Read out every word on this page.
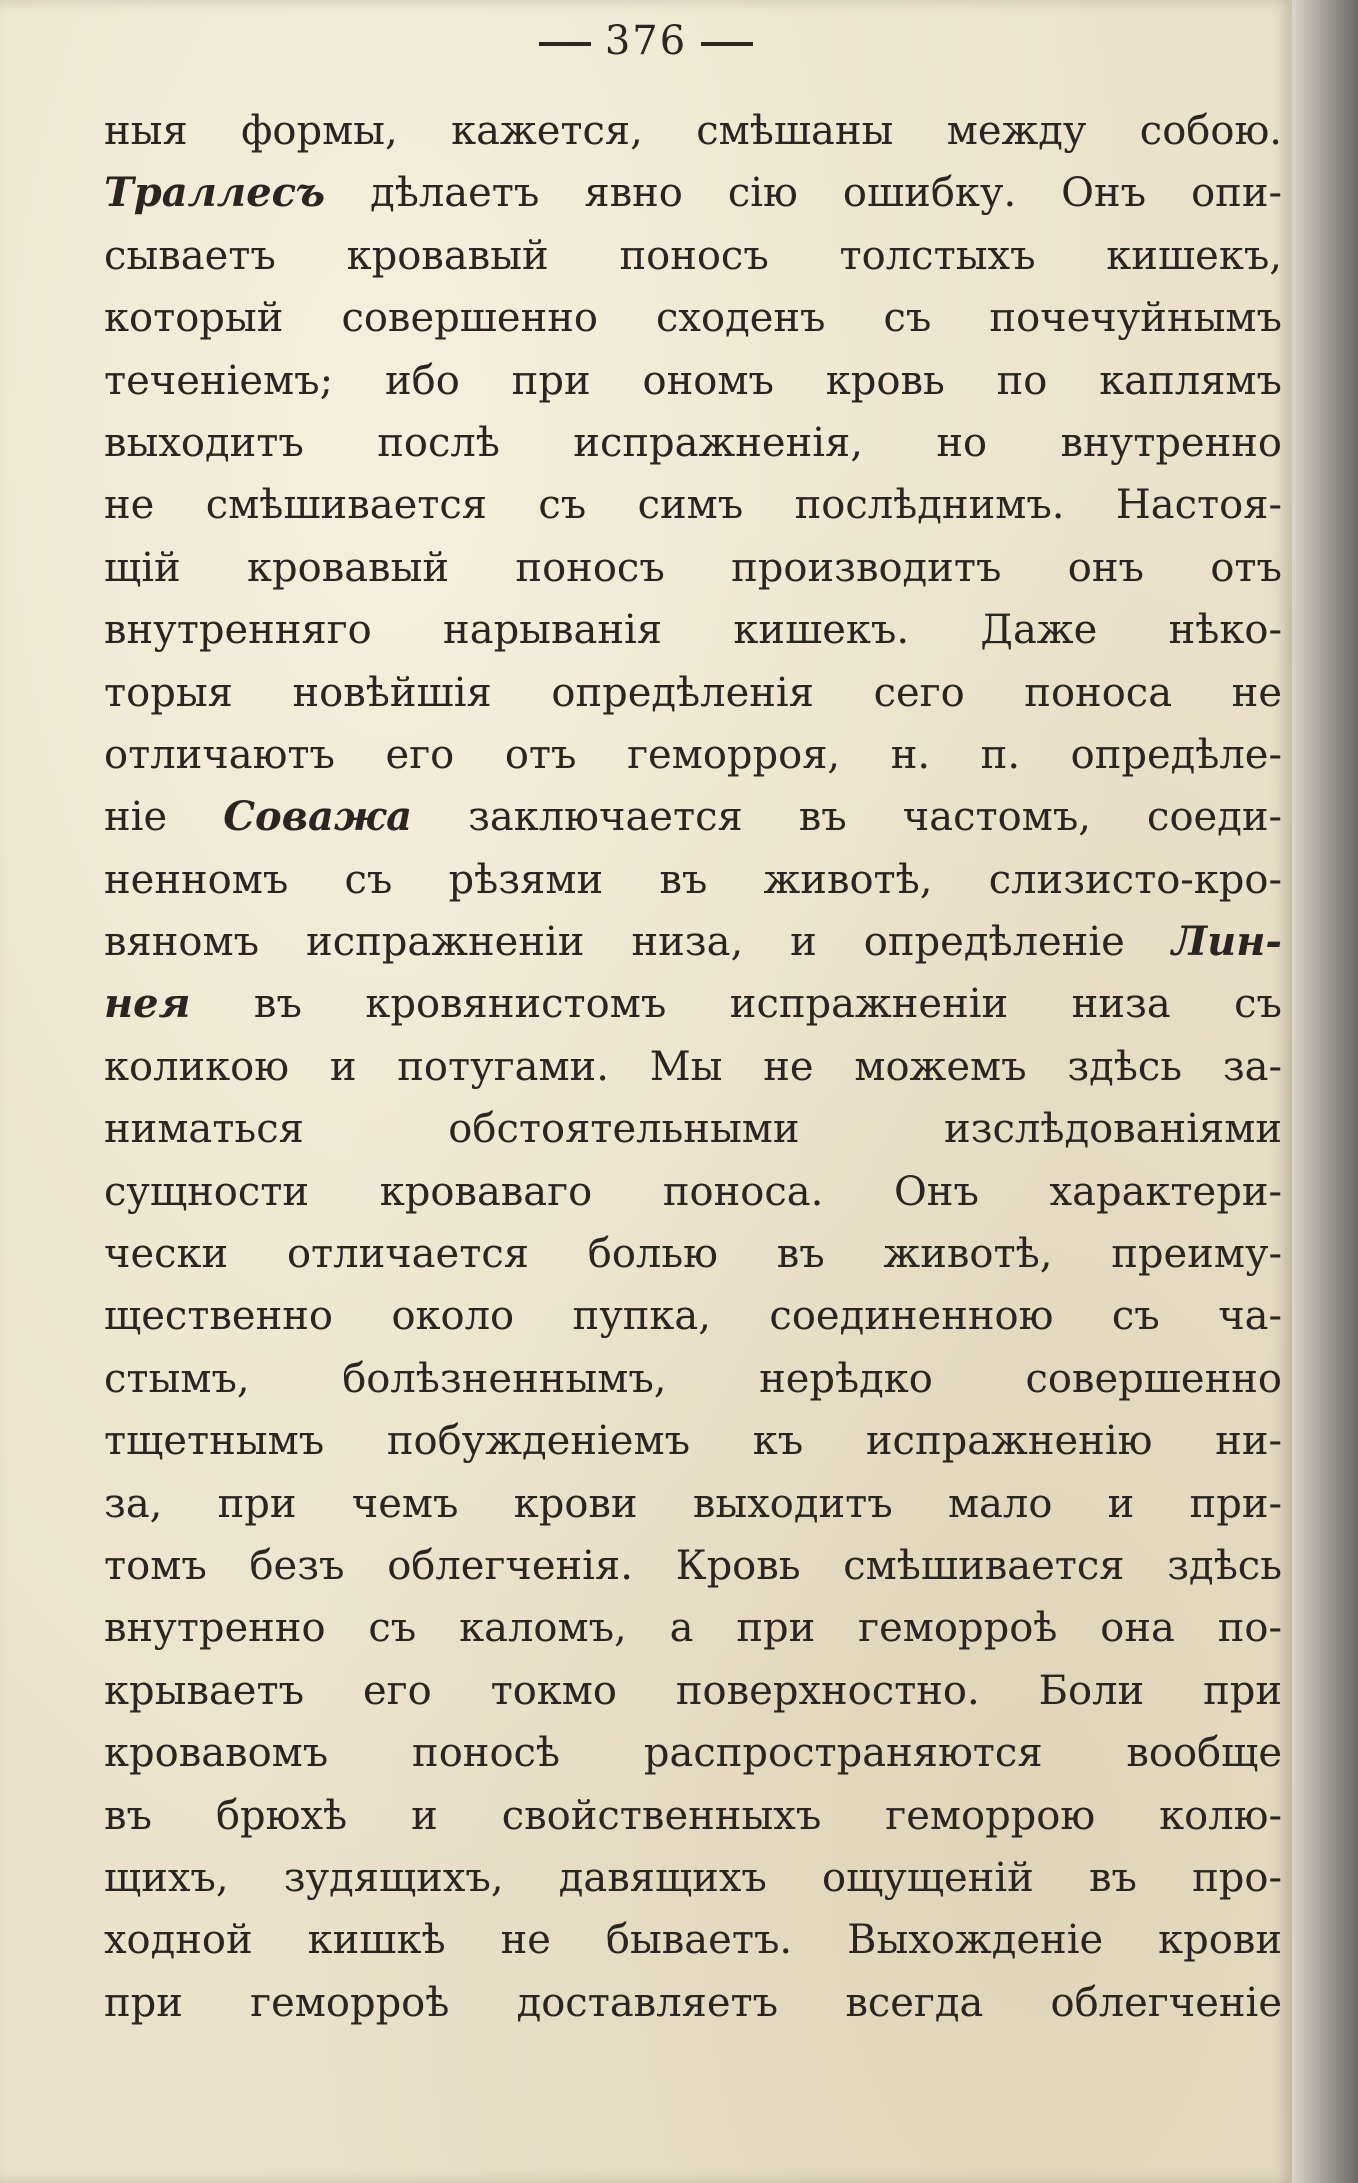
376
ныя формы, кажется, смѣшаны между собою.
Траллесъ дѣлаетъ явно сію ошибку. Онъ опи-
сываетъ кровавый поносъ толстыхъ кишекъ,
который совершенно сходенъ съ почечуйнымъ
теченіемъ; ибо при ономъ кровь по каплямъ
выходитъ послѣ испражненія, но внутренно
не смѣшивается съ симъ послѣднимъ. Настоя-
щій кровавый поносъ производитъ онъ отъ
внутренняго нарыванія кишекъ. Даже нѣко-
торыя новѣйшія опредѣленія сего поноса не
отличаютъ его отъ геморроя, н. п. опредѣле-
ніе Соважа заключается въ частомъ, соеди-
ненномъ съ рѣзями въ животѣ, слизисто-кро-
вяномъ испражненіи низа, и опредѣленіе Лин-
нея въ кровянистомъ испражненіи низа съ
коликою и потугами. Мы не можемъ здѣсь за-
ниматься обстоятельными изслѣдованіями
сущности кроваваго поноса. Онъ характери-
чески отличается болью въ животѣ, преиму-
щественно около пупка, соединенною съ ча-
стымъ, болѣзненнымъ, нерѣдко совершенно
тщетнымъ побужденіемъ къ испражненію ни-
за, при чемъ крови выходитъ мало и при-
томъ безъ облегченія. Кровь смѣшивается здѣсь
внутренно съ каломъ, а при геморроѣ она по-
крываетъ его токмо поверхностно. Боли при
кровавомъ поносѣ распространяются вообще
въ брюхѣ и свойственныхъ геморрою колю-
щихъ, зудящихъ, давящихъ ощущеній въ про-
ходной кишкѣ не бываетъ. Выхожденіе крови
при геморроѣ доставляетъ всегда облегченіе
